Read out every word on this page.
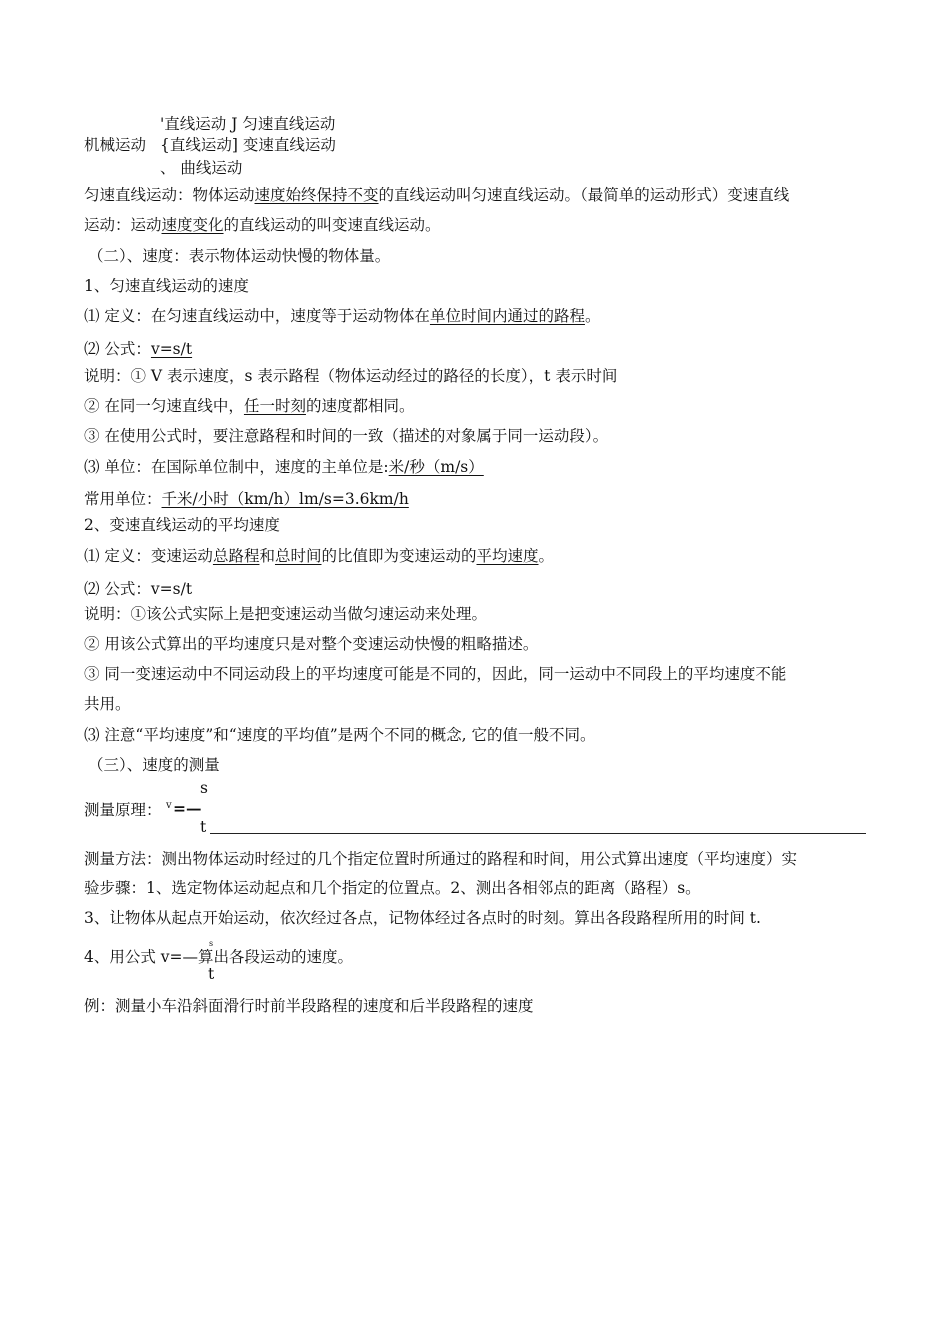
'直线运动 J 匀速直线运动
机械运动 {直线运动] 变速直线运动
、 曲线运动
匀速直线运动：物体运动速度始终保持不变的直线运动叫匀速直线运动。（最简单的运动形式）变速直线
运动：运动速度变化的直线运动的叫变速直线运动。
（二）、速度：表示物体运动快慢的物体量。
1、匀速直线运动的速度
⑴ 定义：在匀速直线运动中，速度等于运动物体在单位时间内通过的路程。
⑵ 公式：v=s/t
说明：① V 表示速度，s 表示路程（物体运动经过的路径的长度），t 表示时间
② 在同一匀速直线中，任一时刻的速度都相同。
③ 在使用公式时，要注意路程和时间的一致（描述的对象属于同一运动段）。
⑶ 单位：在国际单位制中，速度的主单位是:米/秒（m/s）
常用单位：千米/小时（km/h）lm/s=3.6km/h
2、变速直线运动的平均速度
⑴ 定义：变速运动总路程和总时间的比值即为变速运动的平均速度。
⑵ 公式：v=s/t
说明：①该公式实际上是把变速运动当做匀速运动来处理。
② 用该公式算出的平均速度只是对整个变速运动快慢的粗略描述。
③ 同一变速运动中不同运动段上的平均速度可能是不同的，因此，同一运动中不同段上的平均速度不能
共用。
⑶ 注意“平均速度”和“速度的平均值”是两个不同的概念, 它的值一般不同。
（三）、速度的测量
s
测量原理： v =—
t
测量方法：测出物体运动时经过的几个指定位置时所通过的路程和时间，用公式算出速度（平均速度）实
验步骤：1、选定物体运动起点和几个指定的位置点。2、测出各相邻点的距离（路程）s。
3、让物体从起点开始运动，依次经过各点，记物体经过各点时的时刻。算出各段路程所用的时间 t.
s
4、用公式 v=—算出各段运动的速度。
t
例：测量小车沿斜面滑行时前半段路程的速度和后半段路程的速度
